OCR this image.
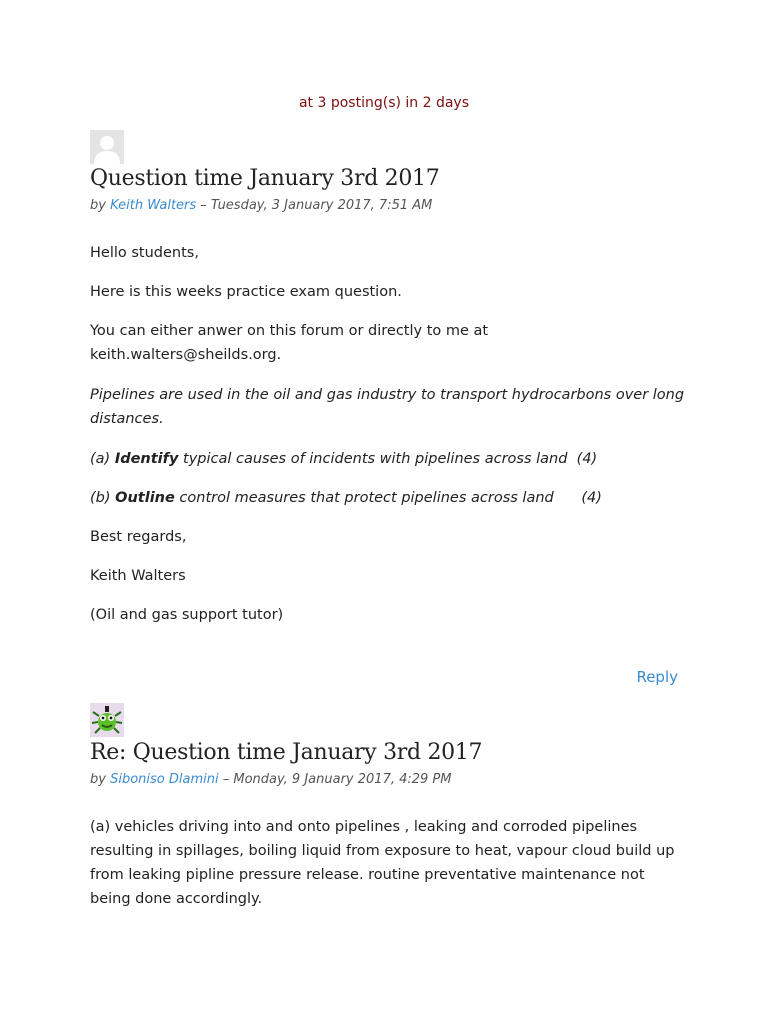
at 3 posting(s) in 2 days
Question time January 3rd 2017
by Keith Walters – Tuesday, 3 January 2017, 7:51 AM

Hello students,

Here is this weeks practice exam question.

You can either anwer on this forum or directly to me at keith.walters@sheilds.org.

Pipelines are used in the oil and gas industry to transport hydrocarbons over long distances.

(a) Identify typical causes of incidents with pipelines across land  (4)

(b) Outline control measures that protect pipelines across land      (4)

Best regards,

Keith Walters

(Oil and gas support tutor)

Reply
Re: Question time January 3rd 2017
by Siboniso Dlamini – Monday, 9 January 2017, 4:29 PM

(a) vehicles driving into and onto pipelines , leaking and corroded pipelines resulting in spillages, boiling liquid from exposure to heat, vapour cloud build up from leaking pipline pressure release. routine preventative maintenance not being done accordingly.
